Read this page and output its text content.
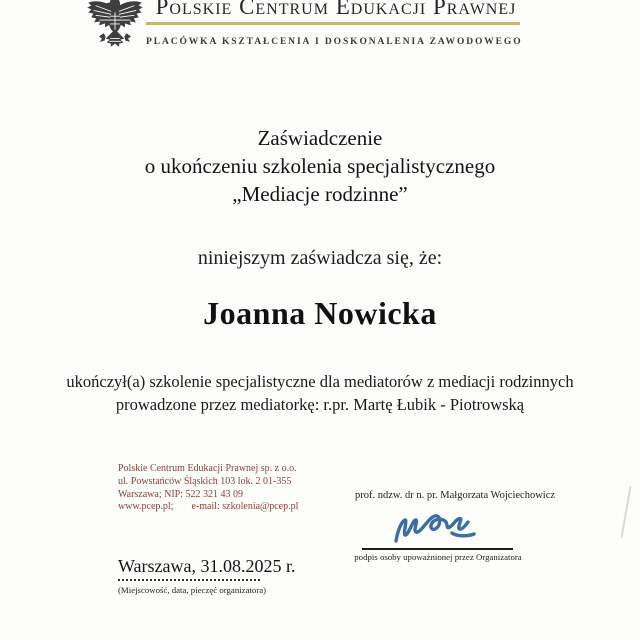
Polskie Centrum Edukacji Prawnej
PLACÓWKA KSZTAŁCENIA I DOSKONALENIA ZAWODOWEGO
Zaświadczenie
o ukończeniu szkolenia specjalistycznego
„Mediacje rodzinne”
niniejszym zaświadcza się, że:
Joanna Nowicka
ukończył(a) szkolenie specjalistyczne dla mediatorów z mediacji rodzinnych
prowadzone przez mediatorkę: r.pr. Martę Łubik - Piotrowską
Polskie Centrum Edukacji Prawnej sp. z o.o.
ul. Powstańców Śląskich 103 lok. 2 01-355
Warszawa; NIP: 522 321 43 09
www.pcep.pl; e-mail: szkolenia@pcep.pl
prof. ndzw. dr n. pr. Małgorzata Wojciechowicz
podpis osoby upoważnionej przez Organizatora
Warszawa, 31.08.2025 r.
(Miejscowość, data, pieczęć organizatora)
